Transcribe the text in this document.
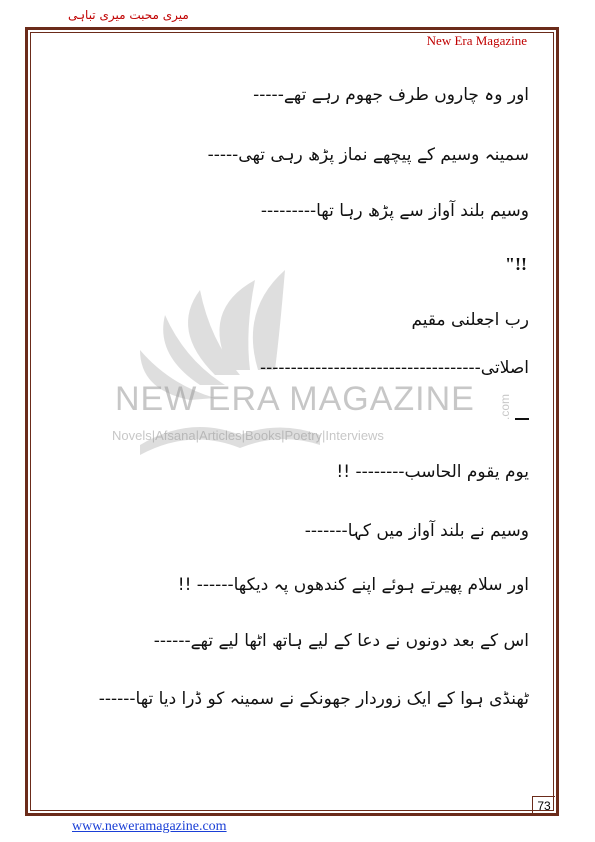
میری محبت میری تباہی
New Era Magazine
NEW ERA MAGAZINE
Novels|Afsana|Articles|Books|Poetry|Interviews
.com
اور وہ چاروں طرف جھوم رہے تھے-----
سمینہ وسیم کے پیچھے نماز پڑھ رہی تھی-----
وسیم بلند آواز سے پڑھ رہا تھا---------
"!!
رب اجعلنی مقیم
اصلاتی------------------------------------
یوم یقوم الحاسب-------- !!
وسیم نے بلند آواز میں کہا-------
اور سلام پھیرتے ہوئے اپنے کندھوں پہ دیکھا------ !!
اس کے بعد دونوں نے دعا کے لیے ہاتھ اٹھا لیے تھے------
ٹھنڈی ہوا کے ایک زوردار جھونکے نے سمینہ کو ڈرا دیا تھا------
73
www.neweramagazine.com
